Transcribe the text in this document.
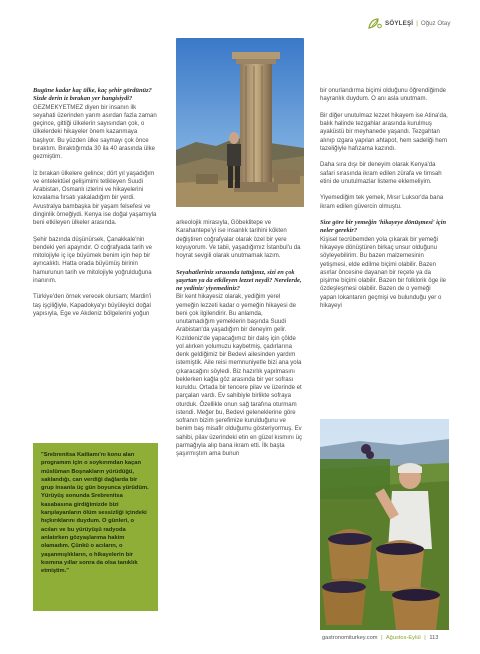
SÖYLEŞİ | Oğuz Otay

Bugüne kadar kaç ülke, kaç şehir gördünüz? Sizde derin iz bırakan yer hangisiydi?

GEZMEKYETMEZ diyen bir insanın ilk seyahati üzerinden yarım asırdan fazla zaman geçince, gittiği ülkelerin sayısından çok, o ülkelerdeki hikayeler önem kazanmaya başlıyor. Bu yüzden ülke saymayı çok önce bıraktım. Bıraktığımda 30 ila 40 arasında ülke gezmiştim.

İz bırakan ülkelere gelince; dört yıl yaşadığım ve entelektüel gelişimimi tetikleyen Suudi Arabistan, Osmanlı izlerini ve hikayelerini kovalama fırsatı yakaladığım bir yerdi. Avustralya bambaşka bir yaşam felsefesi ve dinginlik örneğiydi. Kenya ise doğal yaşamıyla beni etkileyen ülkeler arasında.

Şehir bazında düşünürsek, Çanakkale'nin bendeki yeri apayrıdır. O coğrafyada tarih ve mitolojiyle iç içe büyümek benim için hep bir ayrıcalıktı. Hatta orada büyümüş birinin hamurunun tarih ve mitolojiyle yoğrulduğuna inanırım.

Türkiye'den örnek verecek olursam; Mardin'i taş işçiliğiyle, Kapadokya'yı büyüleyici doğal yapısıyla, Ege ve Akdeniz bölgelerini yoğun

"Srebrenitsa Katliamı'nı konu alan programım için o soykırımdan kaçan müslüman Boşnakların yürüdüğü, saklandığı, can verdiği dağlarda bir grup insanla üç gün boyunca yürüdüm. Yürüyüş sonunda Srebrenitsa kasabasına girdiğimizde bizi karşılayanların ölüm sessizliği içindeki hıçkırıklarını duydum. O günleri, o acıları ve bu yürüyüşü radyoda anlatırken gözyaşlarıma hakim olamadım. Çünkü o acıların, o yaşanmışlıkların, o hikayelerin bir kısmına yıllar sonra da olsa tanıklık etmiştim."

arkeolojik mirasıyla, Göbeklitepe ve Karahantepe'yi ise insanlık tarihini kökten değiştiren coğrafyalar olarak özel bir yere koyuyorum. Ve tabii, yaşadığımız İstanbul'u da hoyrat sevgili olarak unutmamak lazım.

Seyahatleriniz sırasında tattığınız, sizi en çok şaşırtan ya da etkileyen lezzet neydi? Nerelerde, ne yediniz/ yiyemediniz?

Bir kent hikayesiz olarak, yediğim yerel yemeğin lezzeti kadar o yemeğin hikayesi de beni çok ilgilendirir. Bu anlamda, unutamadığım yemeklerin başında Suudi Arabistan'da yaşadığım bir deneyim gelir. Kızıldeniz'de yapacağımız bir dalış için çölde yol alırken yolumuzu kaybetmiş, çadırlarına denk geldiğimiz bir Bedevi ailesinden yardım istemiştik. Aile reisi memnuniyetle bizi ana yola çıkaracağını söyledi. Biz hazırlık yapılmasını beklerken kağla göz arasında bir yer sofrası kuruldu. Ortada bir tencere pilav ve üzerinde et parçaları vardı. Ev sahibiyle birlikte sofraya oturduk. Özellikle onun sağ tarafına oturmam istendi. Meğer bu, Bedevi geleneklerine göre sofranın bizim şerefimize kurulduğunu ve benim baş misafir olduğumu gösteriyormuş. Ev sahibi, pilav üzerindeki etin en güzel kısmını üç parmağıyla alıp bana ikram etti. İlk başta şaşırmıştım ama bunun

bir onurlandırma biçimi olduğunu öğrendiğimde hayranlık duydum. O anı asla unutmam.

Bir diğer unutulmaz lezzet hikayem ise Atina'da, balık halinde tezgahlar arasında kurulmuş ayaküstü bir meyhanede yaşandı. Tezgahtan alınıp ızgara yapılan ahtapot, hem sadeliği hem tazeliğiyle hafızama kazındı.

Daha sıra dışı bir deneyim olarak Kenya'da safari sırasında ikram edilen zürafa ve timsah etini de unutulmazlar listeme eklemeliyim.

Yiyemediğim tek yemek, Mısır Luksor'da bana ikram edilen güvercin olmuştu.

Size göre bir yemeğin 'hikayeye dönüşmesi' için neler gerekir?

Kişisel tecrübemden yola çıkarak bir yemeği hikayeye dönüştüren birkaç unsur olduğunu söyleyebilirim. Bu bazen malzemesinin yetişmesi, elde edilme biçimi olabilir. Bazen asırlar öncesine dayanan bir reçete ya da pişirme biçimi olabilir. Bazen bir folklorik öge ile özdeşleşmesi olabilir. Bazen de o yemeği yapan lokantanın geçmişi ve bulunduğu yer o hikayeyi

gastronomiturkey.com | Ağustos-Eylül | 113
